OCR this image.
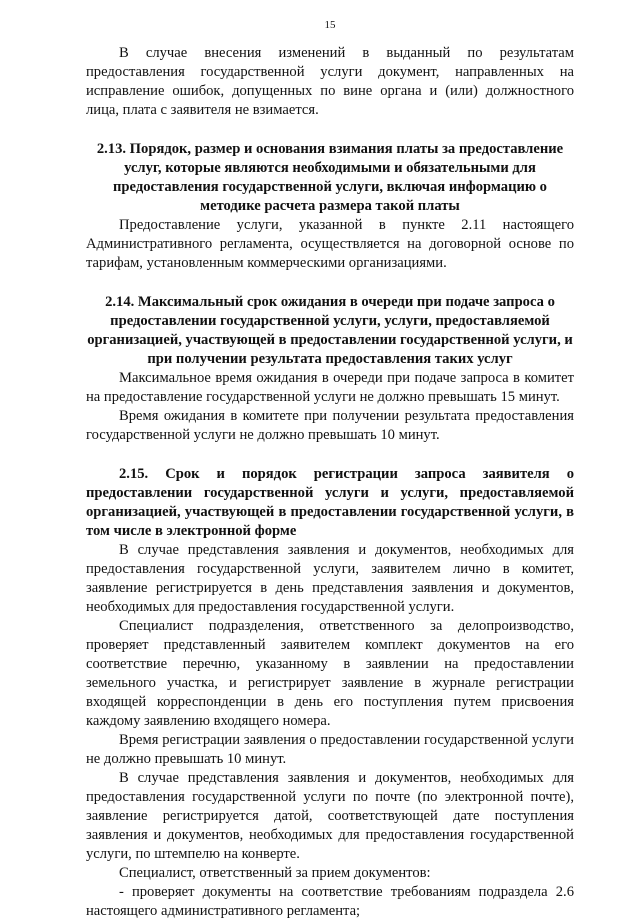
15

В случае внесения изменений в выданный по результатам предоставления государственной услуги документ, направленных на исправление ошибок, допущенных по вине органа и (или) должностного лица, плата с заявителя не взимается.

2.13. Порядок, размер и основания взимания платы за предоставление услуг, которые являются необходимыми и обязательными для предоставления государственной услуги, включая информацию о методике расчета размера такой платы

Предоставление услуги, указанной в пункте 2.11 настоящего Административного регламента, осуществляется на договорной основе по тарифам, установленным коммерческими организациями.

2.14. Максимальный срок ожидания в очереди при подаче запроса о предоставлении государственной услуги, услуги, предоставляемой организацией, участвующей в предоставлении государственной услуги, и при получении результата предоставления таких услуг

Максимальное время ожидания в очереди при подаче запроса в комитет на предоставление государственной услуги не должно превышать 15 минут.

Время ожидания в комитете при получении результата предоставления государственной услуги не должно превышать 10 минут.

2.15. Срок и порядок регистрации запроса заявителя о предоставлении государственной услуги и услуги, предоставляемой организацией, участвующей в предоставлении государственной услуги, в том числе в электронной форме

В случае представления заявления и документов, необходимых для предоставления государственной услуги, заявителем лично в комитет, заявление регистрируется в день представления заявления и документов, необходимых для предоставления государственной услуги.

Специалист подразделения, ответственного за делопроизводство, проверяет представленный заявителем комплект документов на его соответствие перечню, указанному в заявлении на предоставлении земельного участка, и регистрирует заявление в журнале регистрации входящей корреспонденции в день его поступления путем присвоения каждому заявлению входящего номера.

Время регистрации заявления о предоставлении государственной услуги не должно превышать 10 минут.

В случае представления заявления и документов, необходимых для предоставления государственной услуги по почте (по электронной почте), заявление регистрируется датой, соответствующей дате поступления заявления и документов, необходимых для предоставления государственной услуги, по штемпелю на конверте.

Специалист, ответственный за прием документов:

- проверяет документы на соответствие требованиям подраздела 2.6 настоящего административного регламента;
